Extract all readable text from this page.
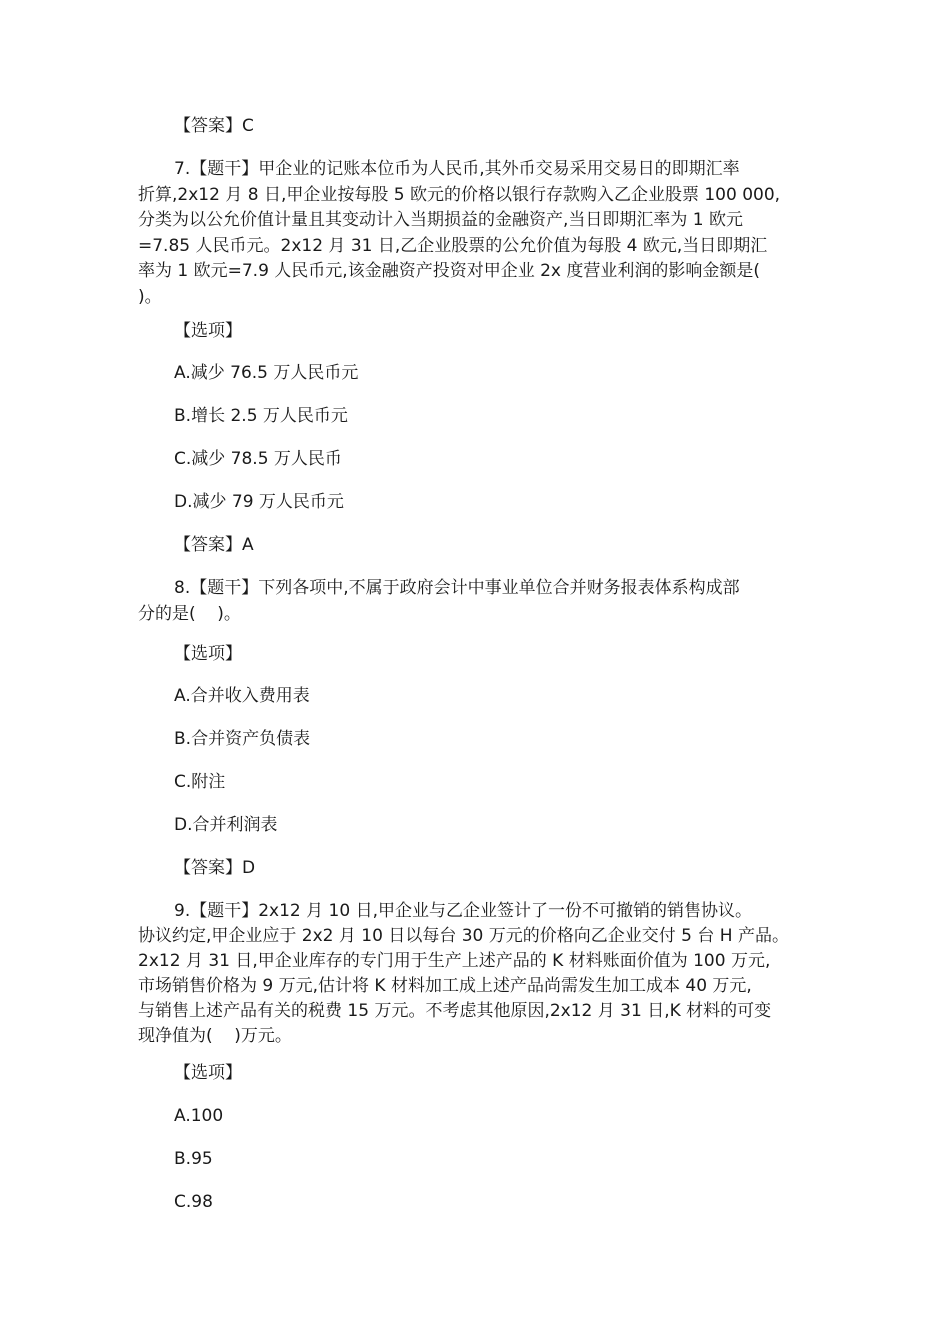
【答案】C
7.【题干】甲企业的记账本位币为人民币,其外币交易采用交易日的即期汇率
折算,2x12 月 8 日,甲企业按每股 5 欧元的价格以银行存款购入乙企业股票 100 000,
分类为以公允价值计量且其变动计入当期损益的金融资产,当日即期汇率为 1 欧元
=7.85 人民币元。2x12 月 31 日,乙企业股票的公允价值为每股 4 欧元,当日即期汇
率为 1 欧元=7.9 人民币元,该金融资产投资对甲企业 2x 度营业利润的影响金额是(
)。
【选项】
A.减少 76.5 万人民币元
B.增长 2.5 万人民币元
C.减少 78.5 万人民币
D.减少 79 万人民币元
【答案】A
8.【题干】下列各项中,不属于政府会计中事业单位合并财务报表体系构成部
分的是(    )。
【选项】
A.合并收入费用表
B.合并资产负债表
C.附注
D.合并利润表
【答案】D
9.【题干】2x12 月 10 日,甲企业与乙企业签计了一份不可撤销的销售协议。
协议约定,甲企业应于 2x2 月 10 日以每台 30 万元的价格向乙企业交付 5 台 H 产品。
2x12 月 31 日,甲企业库存的专门用于生产上述产品的 K 材料账面价值为 100 万元,
市场销售价格为 9 万元,估计将 K 材料加工成上述产品尚需发生加工成本 40 万元,
与销售上述产品有关的税费 15 万元。不考虑其他原因,2x12 月 31 日,K 材料的可变
现净值为(    )万元。
【选项】
A.100
B.95
C.98
